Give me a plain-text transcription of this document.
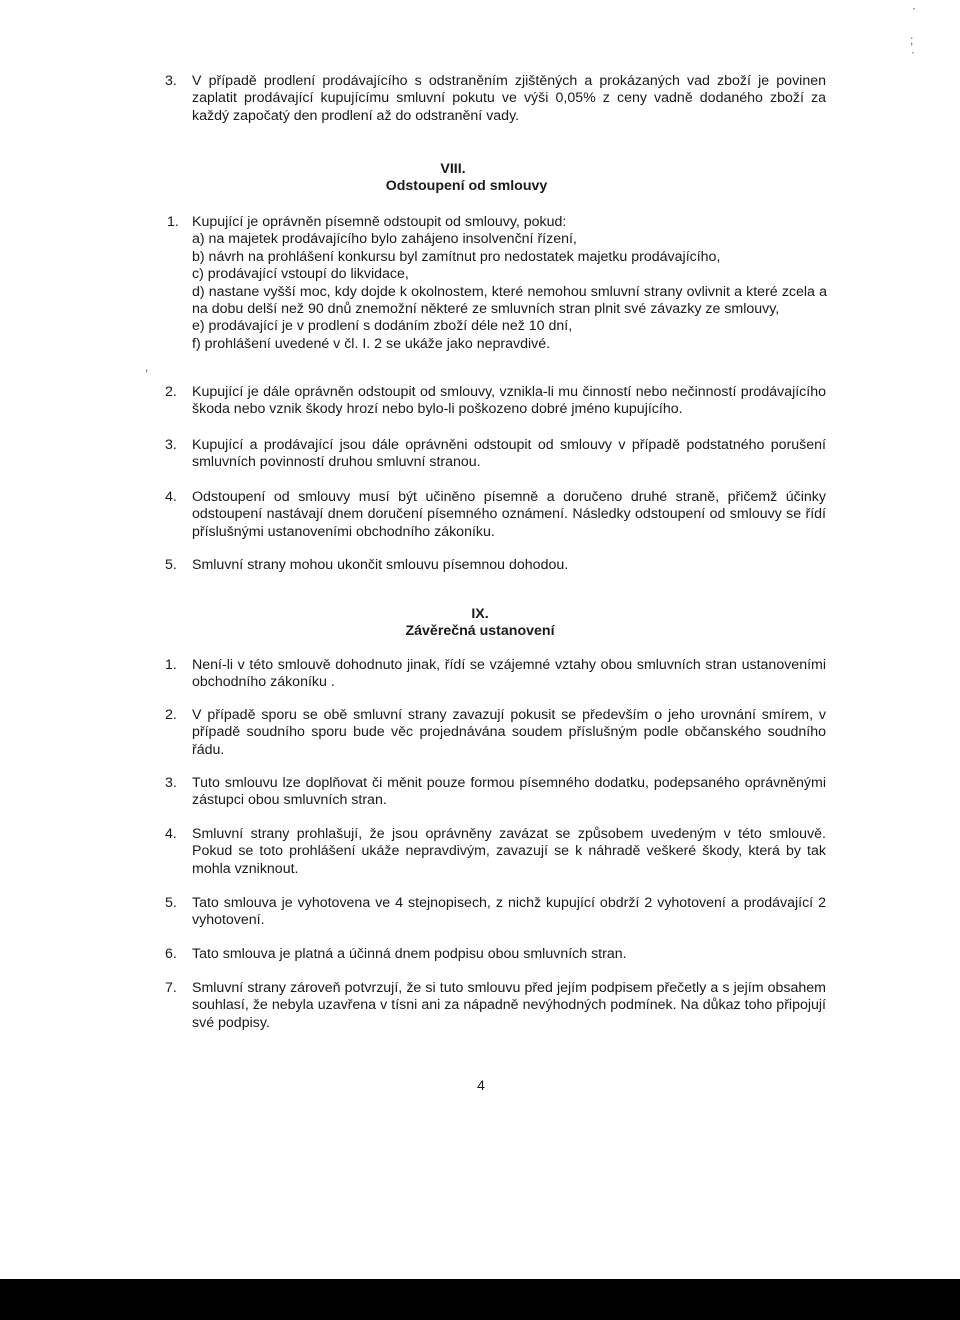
·
;
·
,
3.	V případě prodlení prodávajícího s odstraněním zjištěných a prokázaných vad zboží je povinen zaplatit prodávající kupujícímu smluvní pokutu ve výši 0,05% z ceny vadně dodaného zboží za každý započatý den prodlení až do odstranění vady.
VIII.
Odstoupení od smlouvy
1. Kupující je oprávněn písemně odstoupit od smlouvy, pokud:
a) na majetek prodávajícího bylo zahájeno insolvenční řízení,
b) návrh na prohlášení konkursu byl zamítnut pro nedostatek majetku prodávajícího,
c) prodávající vstoupí do likvidace,
d) nastane vyšší moc, kdy dojde k okolnostem, které nemohou smluvní strany ovlivnit a které zcela a na dobu delší než 90 dnů znemožní některé ze smluvních stran plnit své závazky ze smlouvy,
e) prodávající je v prodlení s dodáním zboží déle než 10 dní,
f) prohlášení uvedené v čl. I. 2 se ukáže jako nepravdivé.
2.	Kupující je dále oprávněn odstoupit od smlouvy, vznikla-li mu činností nebo nečinností prodávajícího škoda nebo vznik škody hrozí nebo bylo-li poškozeno dobré jméno kupujícího.
3.	Kupující a prodávající jsou dále oprávněni odstoupit od smlouvy v případě podstatného porušení smluvních povinností druhou smluvní stranou.
4.	Odstoupení od smlouvy musí být učiněno písemně a doručeno druhé straně, přičemž účinky odstoupení nastávají dnem doručení písemného oznámení. Následky odstoupení od smlouvy se řídí příslušnými ustanoveními obchodního zákoníku.
5.	Smluvní strany mohou ukončit smlouvu písemnou dohodou.
IX.
Závěrečná ustanovení
1.	Není-li v této smlouvě dohodnuto jinak, řídí se vzájemné vztahy obou smluvních stran ustanoveními obchodního zákoníku .
2.	V případě sporu se obě smluvní strany zavazují pokusit se především o jeho urovnání smírem, v případě soudního sporu bude věc projednávána soudem příslušným podle občanského soudního řádu.
3.	Tuto smlouvu lze doplňovat či měnit pouze formou písemného dodatku, podepsaného oprávněnými zástupci obou smluvních stran.
4.	Smluvní strany prohlašují, že jsou oprávněny zavázat se způsobem uvedeným v této smlouvě. Pokud se toto prohlášení ukáže nepravdivým, zavazují se k náhradě veškeré škody, která by tak mohla vzniknout.
5.	Tato smlouva je vyhotovena ve 4 stejnopisech, z nichž kupující obdrží 2 vyhotovení a prodávající 2 vyhotovení.
6.	Tato smlouva je platná a účinná dnem podpisu obou smluvních stran.
7.	Smluvní strany zároveň potvrzují, že si tuto smlouvu před jejím podpisem přečetly a s jejím obsahem souhlasí, že nebyla uzavřena v tísni ani za nápadně nevýhodných podmínek. Na důkaz toho připojují své podpisy.
4
